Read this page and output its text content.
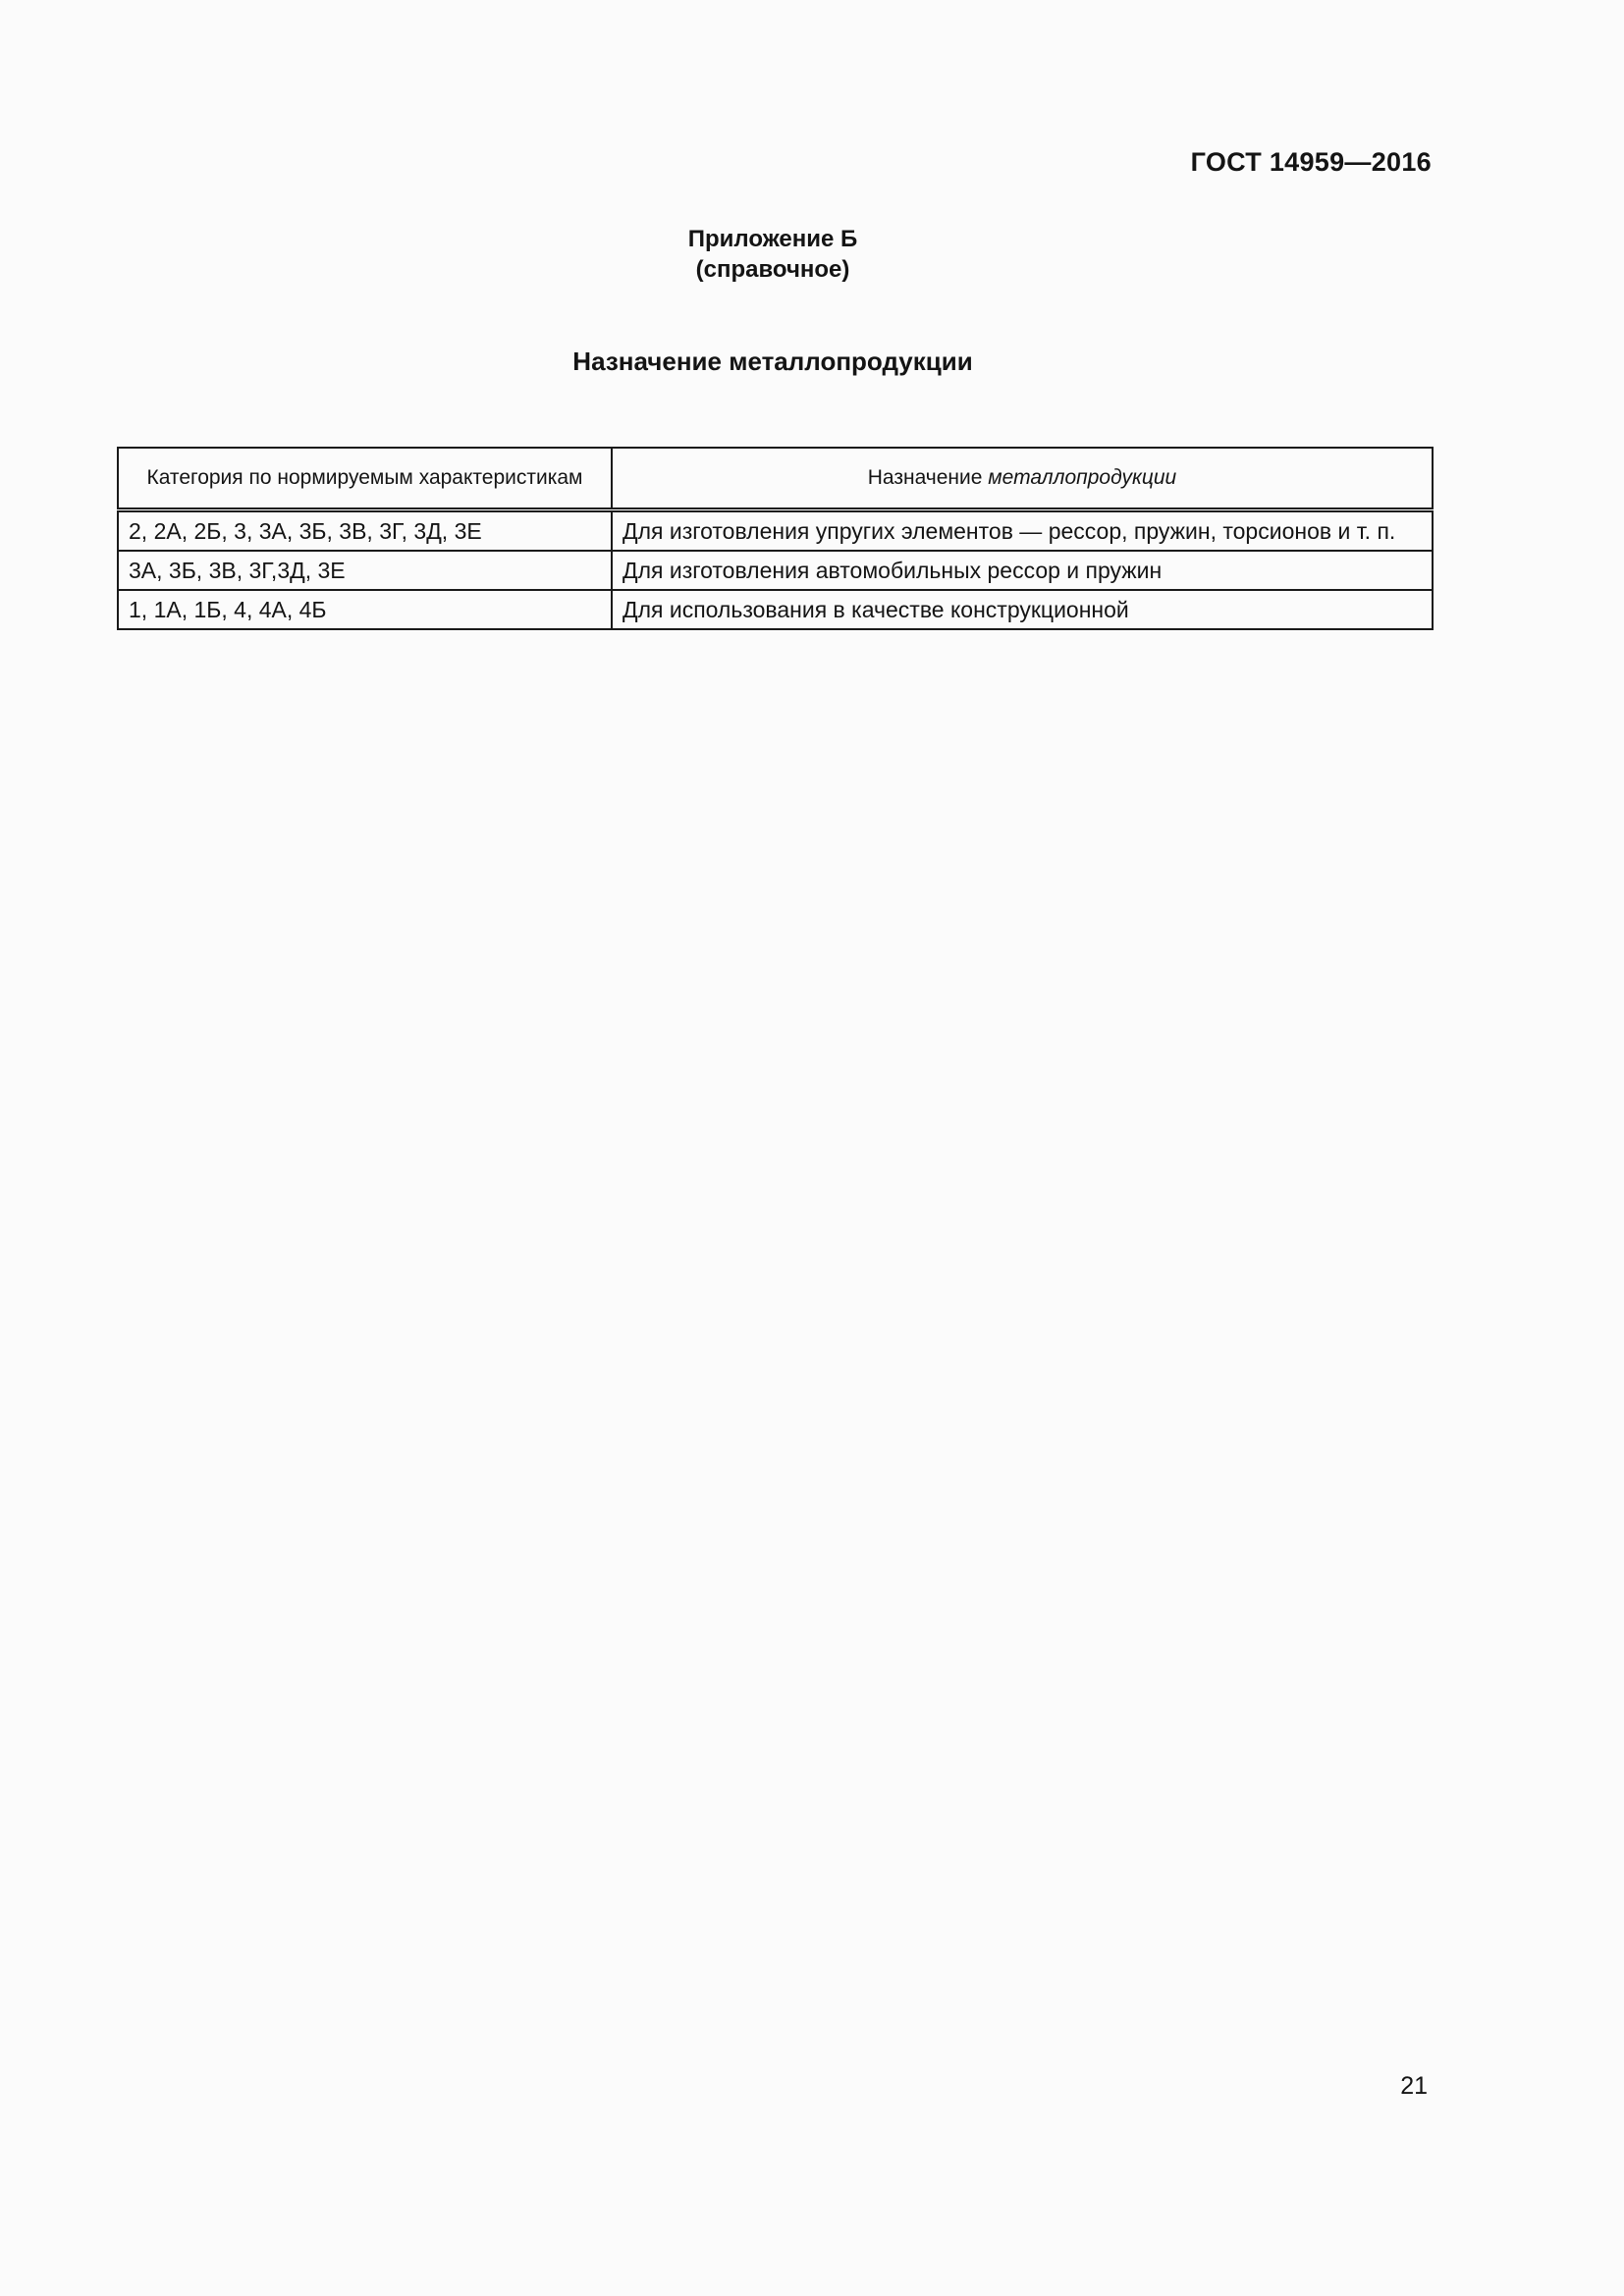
ГОСТ 14959—2016
Приложение Б
(справочное)
Назначение металлопродукции
Категория по нормируемым характеристикам	Назначение металлопродукции
2, 2А, 2Б, 3, 3А, 3Б, 3В, 3Г, 3Д, 3Е	Для изготовления упругих элементов — рессор, пружин, торсионов и т. п.
3А, 3Б, 3В, 3Г,3Д, 3Е	Для изготовления автомобильных рессор и пружин
1, 1А, 1Б, 4, 4А, 4Б	Для использования в качестве конструкционной
21
